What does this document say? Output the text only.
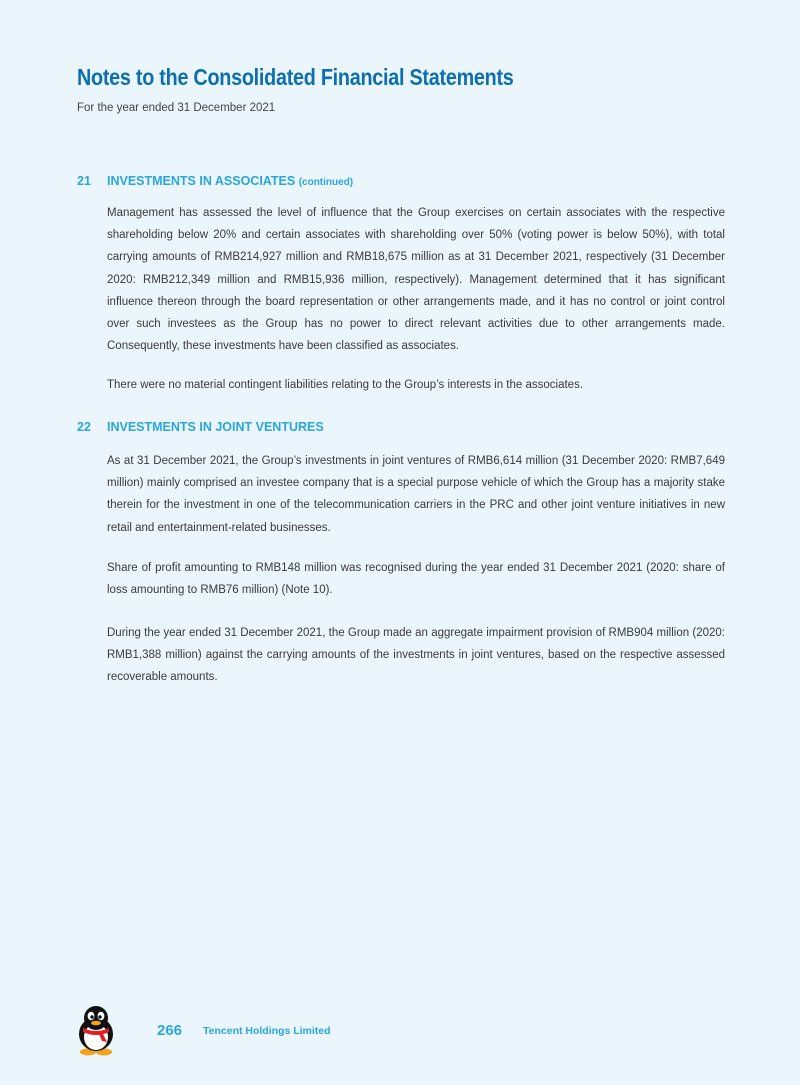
Notes to the Consolidated Financial Statements
For the year ended 31 December 2021
21 INVESTMENTS IN ASSOCIATES (continued)

Management has assessed the level of influence that the Group exercises on certain associates with the respective shareholding below 20% and certain associates with shareholding over 50% (voting power is below 50%), with total carrying amounts of RMB214,927 million and RMB18,675 million as at 31 December 2021, respectively (31 December 2020: RMB212,349 million and RMB15,936 million, respectively). Management determined that it has significant influence thereon through the board representation or other arrangements made, and it has no control or joint control over such investees as the Group has no power to direct relevant activities due to other arrangements made. Consequently, these investments have been classified as associates.

There were no material contingent liabilities relating to the Group’s interests in the associates.

22 INVESTMENTS IN JOINT VENTURES

As at 31 December 2021, the Group’s investments in joint ventures of RMB6,614 million (31 December 2020: RMB7,649 million) mainly comprised an investee company that is a special purpose vehicle of which the Group has a majority stake therein for the investment in one of the telecommunication carriers in the PRC and other joint venture initiatives in new retail and entertainment-related businesses.

Share of profit amounting to RMB148 million was recognised during the year ended 31 December 2021 (2020: share of loss amounting to RMB76 million) (Note 10).

During the year ended 31 December 2021, the Group made an aggregate impairment provision of RMB904 million (2020: RMB1,388 million) against the carrying amounts of the investments in joint ventures, based on the respective assessed recoverable amounts.

266 Tencent Holdings Limited
